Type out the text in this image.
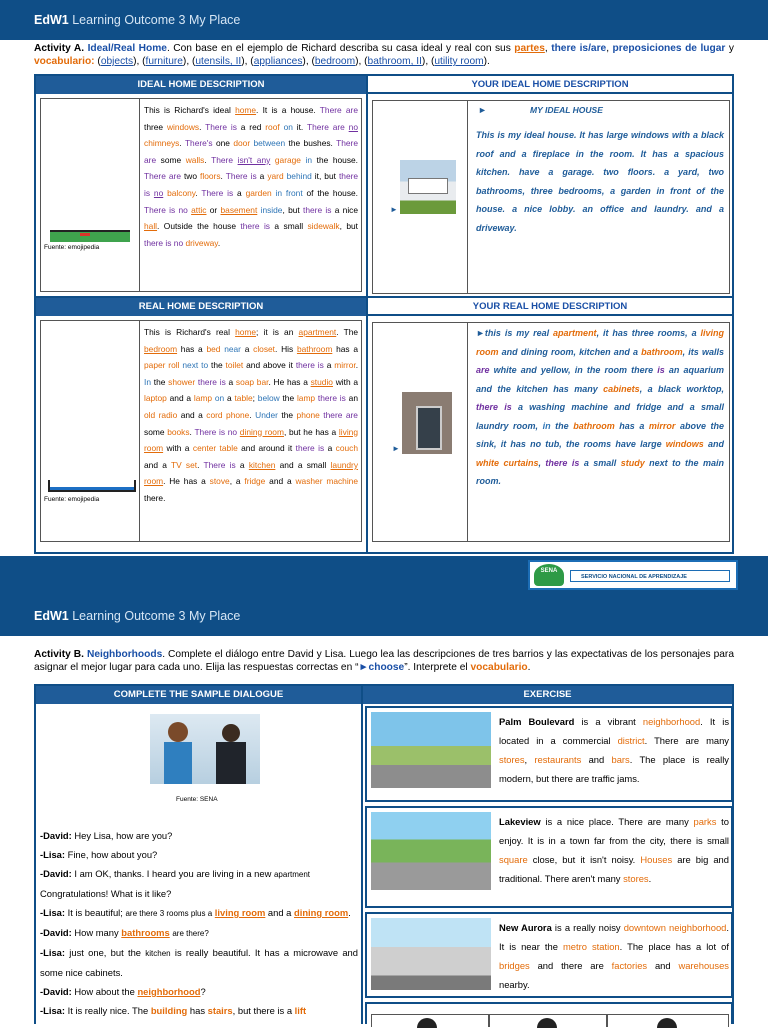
EdW1 Learning Outcome 3 My Place
Activity A. Ideal/Real Home. Con base en el ejemplo de Richard describa su casa ideal y real con sus partes, there is/are, preposiciones de lugar y vocabulario: (objects), (furniture), (utensils, II), (appliances), (bedroom), (bathroom, II), (utility room).
IDEAL HOME DESCRIPTION	YOUR IDEAL HOME DESCRIPTION
Fuente: emojipedia
This is Richard's ideal home. It is a house. There are three windows. There is a red roof on it. There are no chimneys. There's one door between the bushes. There are some walls. There isn't any garage in the house. There are two floors. There is a yard behind it, but there is no balcony. There is a garden in front of the house. There is no attic or basement inside, but there is a nice hall. Outside the house there is a small sidewalk, but there is no driveway.
►
►	MY IDEAL HOUSE
This is my ideal house. It has large windows with a black roof and a fireplace in the room. It has a spacious kitchen. have a garage. two floors. a yard, two bathrooms, three bedrooms, a garden in front of the house. a nice lobby. an office and laundry. and a driveway.
REAL HOME DESCRIPTION	YOUR REAL HOME DESCRIPTION
Fuente: emojipedia
This is Richard's real home; it is an apartment. The bedroom has a bed near a closet. His bathroom has a paper roll next to the toilet and above it there is a mirror. In the shower there is a soap bar. He has a studio with a laptop and a lamp on a table; below the lamp there is an old radio and a cord phone. Under the phone there are some books. There is no dining room, but he has a living room with a center table and around it there is a couch and a TV set. There is a kitchen and a small laundry room. He has a stove, a fridge and a washer machine there.
►
►this is my real apartment, it has three rooms, a living room and dining room, kitchen and a bathroom, its walls are white and yellow, in the room there is an aquarium and the kitchen has many cabinets, a black worktop, there is a washing machine and fridge and a small laundry room, in the bathroom has a mirror above the sink, it has no tub, the rooms have large windows and white curtains, there is a small study next to the main room.
SENA
SERVICIO NACIONAL DE APRENDIZAJE
EdW1 Learning Outcome 3 My Place
Activity B. Neighborhoods. Complete el diálogo entre David y Lisa. Luego lea las descripciones de tres barrios y las expectativas de los personajes para asignar el mejor lugar para cada uno. Elija las respuestas correctas en “►choose”. Interprete el vocabulario.
COMPLETE THE SAMPLE DIALOGUE	EXERCISE
Fuente: SENA
-David: Hey Lisa, how are you?
-Lisa: Fine, how about you?
-David: I am OK, thanks. I heard you are living in a new apartment Congratulations! What is it like?
-Lisa: It is beautiful; are there 3 rooms plus a living room and a dining room.
-David: How many bathrooms are there?
-Lisa: just one, but the kitchen is really beautiful. It has a microwave and some nice cabinets.
-David: How about the neighborhood?
-Lisa: It is really nice. The building has stairs, but there is a lift
Palm Boulevard is a vibrant neighborhood. It is located in a commercial district. There are many stores, restaurants and bars. The place is really modern, but there are traffic jams.
Lakeview is a nice place. There are many parks to enjoy. It is in a town far from the city, there is small square close, but it isn't noisy. Houses are big and traditional. There aren't many stores.
New Aurora is a really noisy downtown neighborhood. It is near the metro station. The place has a lot of bridges and there are factories and warehouses nearby.
